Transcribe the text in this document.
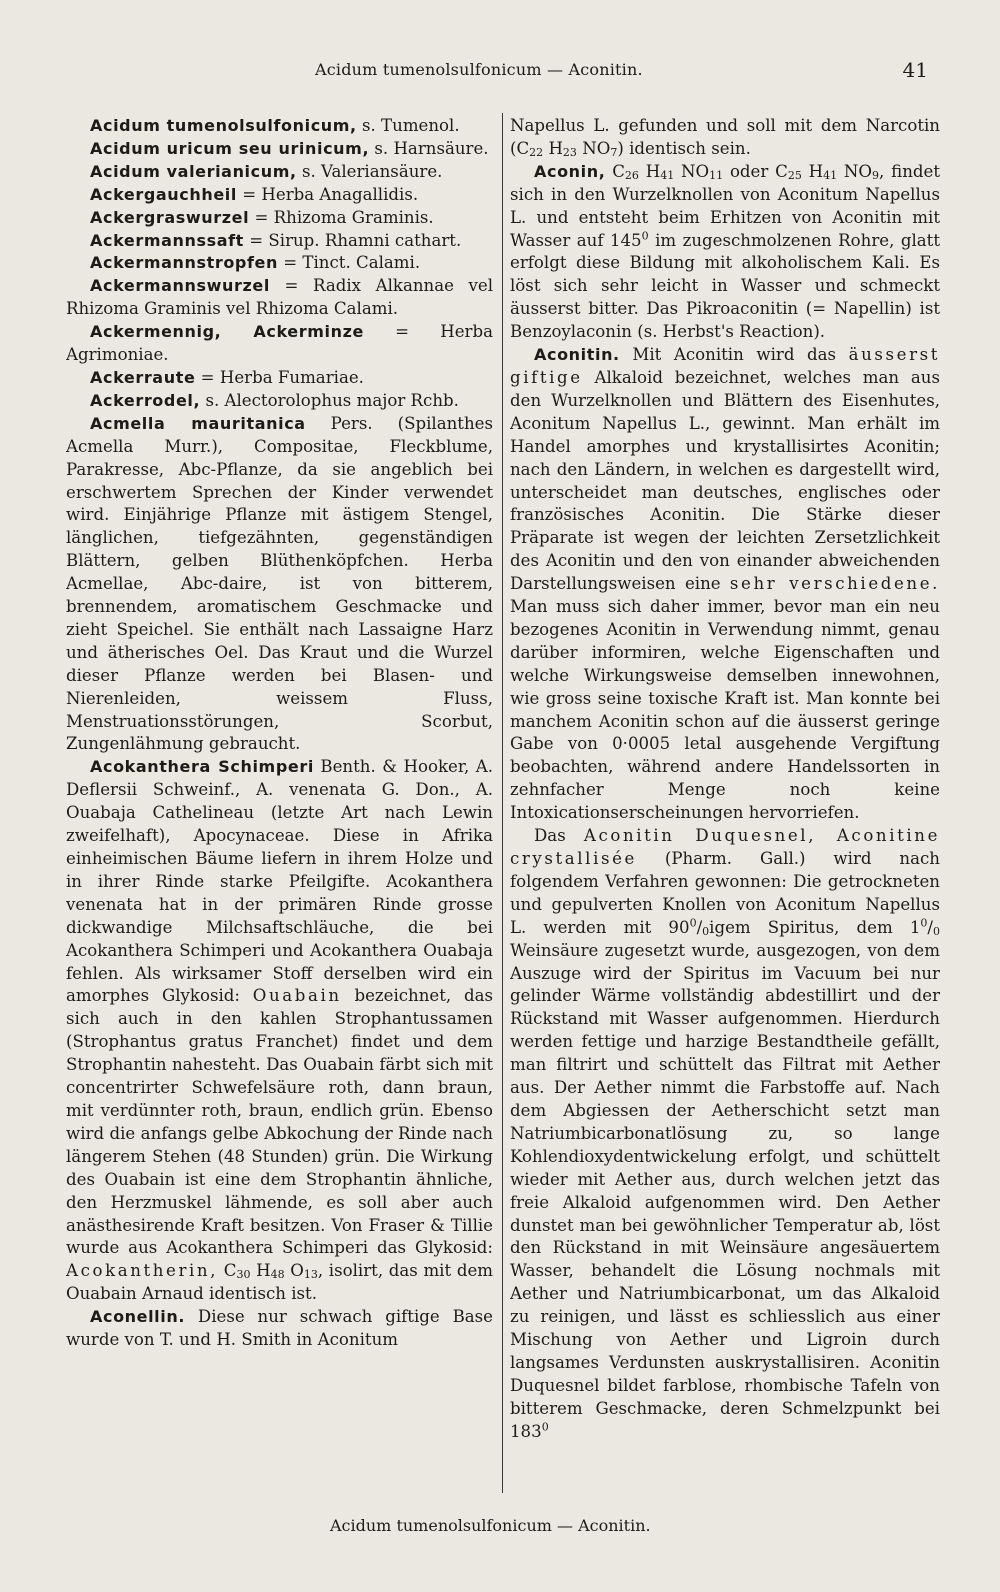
Acidum tumenolsulfonicum — Aconitin.	41

Acidum tumenolsulfonicum, s. Tumenol.

Acidum uricum seu urinicum, s. Harnsäure.

Acidum valerianicum, s. Valeriansäure.

Ackergauchheil = Herba Anagallidis.

Ackergraswurzel = Rhizoma Graminis.

Ackermannssaft = Sirup. Rhamni cathart.

Ackermannstropfen = Tinct. Calami.

Ackermannswurzel = Radix Alkannae vel Rhizoma Graminis vel Rhizoma Calami.

Ackermennig, Ackerminze = Herba Agrimoniae.

Ackerraute = Herba Fumariae.

Ackerrodel, s. Alectorolophus major Rchb.

Acmella mauritanica Pers. (Spilanthes Acmella Murr.), Compositae, Fleckblume, Parakresse, Abc-Pflanze, da sie angeblich bei erschwertem Sprechen der Kinder verwendet wird. Einjährige Pflanze mit ästigem Stengel, länglichen, tiefgezähnten, gegenständigen Blättern, gelben Blüthenköpfchen. Herba Acmellae, Abc-daire, ist von bitterem, brennendem, aromatischem Geschmacke und zieht Speichel. Sie enthält nach Lassaigne Harz und ätherisches Oel. Das Kraut und die Wurzel dieser Pflanze werden bei Blasen- und Nierenleiden, weissem Fluss, Menstruationsstörungen, Scorbut, Zungenlähmung gebraucht.

Acokanthera Schimperi Benth. & Hooker, A. Deflersii Schweinf., A. venenata G. Don., A. Ouabaja Cathelineau (letzte Art nach Lewin zweifelhaft), Apocynaceae. Diese in Afrika einheimischen Bäume liefern in ihrem Holze und in ihrer Rinde starke Pfeilgifte. Acokanthera venenata hat in der primären Rinde grosse dickwandige Milchsaftschläuche, die bei Acokanthera Schimperi und Acokanthera Ouabaja fehlen. Als wirksamer Stoff derselben wird ein amorphes Glykosid: Ouabain bezeichnet, das sich auch in den kahlen Strophantussamen (Strophantus gratus Franchet) findet und dem Strophantin nahesteht. Das Ouabain färbt sich mit concentrirter Schwefelsäure roth, dann braun, mit verdünnter roth, braun, endlich grün. Ebenso wird die anfangs gelbe Abkochung der Rinde nach längerem Stehen (48 Stunden) grün. Die Wirkung des Ouabain ist eine dem Strophantin ähnliche, den Herzmuskel lähmende, es soll aber auch anästhesirende Kraft besitzen. Von Fraser & Tillie wurde aus Acokanthera Schimperi das Glykosid: Acokantherin, $C_{30}$ $H_{48}$ $O_{13}$, isolirt, das mit dem Ouabain Arnaud identisch ist.

Aconellin. Diese nur schwach giftige Base wurde von T. und H. Smith in Aconitum

Napellus L. gefunden und soll mit dem Narcotin ($C_{22}$ $H_{23}$ $NO_7$) identisch sein.

Aconin, $C_{26}$ $H_{41}$ $NO_{11}$ oder $C_{25}$ $H_{41}$ $NO_9$, findet sich in den Wurzelknollen von Aconitum Napellus L. und entsteht beim Erhitzen von Aconitin mit Wasser auf $145^0$ im zugeschmolzenen Rohre, glatt erfolgt diese Bildung mit alkoholischem Kali. Es löst sich sehr leicht in Wasser und schmeckt äusserst bitter. Das Pikroaconitin (= Napellin) ist Benzoylaconin (s. Herbst's Reaction).

Aconitin. Mit Aconitin wird das äusserst giftige Alkaloid bezeichnet, welches man aus den Wurzelknollen und Blättern des Eisenhutes, Aconitum Napellus L., gewinnt. Man erhält im Handel amorphes und krystallisirtes Aconitin; nach den Ländern, in welchen es dargestellt wird, unterscheidet man deutsches, englisches oder französisches Aconitin. Die Stärke dieser Präparate ist wegen der leichten Zersetzlichkeit des Aconitin und den von einander abweichenden Darstellungsweisen eine sehr verschiedene. Man muss sich daher immer, bevor man ein neu bezogenes Aconitin in Verwendung nimmt, genau darüber informiren, welche Eigenschaften und welche Wirkungsweise demselben innewohnen, wie gross seine toxische Kraft ist. Man konnte bei manchem Aconitin schon auf die äusserst geringe Gabe von 0·0005 letal ausgehende Vergiftung beobachten, während andere Handelssorten in zehnfacher Menge noch keine Intoxicationserscheinungen hervorriefen.

Das Aconitin Duquesnel, Aconitine crystallisée (Pharm. Gall.) wird nach folgendem Verfahren gewonnen: Die getrockneten und gepulverten Knollen von Aconitum Napellus L. werden mit $90^0/_0igem$ Spiritus, dem $1^0/_0$ Weinsäure zugesetzt wurde, ausgezogen, von dem Auszuge wird der Spiritus im Vacuum bei nur gelinder Wärme vollständig abdestillirt und der Rückstand mit Wasser aufgenommen. Hierdurch werden fettige und harzige Bestandtheile gefällt, man filtrirt und schüttelt das Filtrat mit Aether aus. Der Aether nimmt die Farbstoffe auf. Nach dem Abgiessen der Aetherschicht setzt man Natriumbicarbonatlösung zu, so lange Kohlendioxydentwickelung erfolgt, und schüttelt wieder mit Aether aus, durch welchen jetzt das freie Alkaloid aufgenommen wird. Den Aether dunstet man bei gewöhnlicher Temperatur ab, löst den Rückstand in mit Weinsäure angesäuertem Wasser, behandelt die Lösung nochmals mit Aether und Natriumbicarbonat, um das Alkaloid zu reinigen, und lässt es schliesslich aus einer Mischung von Aether und Ligroin durch langsames Verdunsten auskrystallisiren. Aconitin Duquesnel bildet farblose, rhombische Tafeln von bitterem Geschmacke, deren Schmelzpunkt bei $183^0$

Acidum tumenolsulfonicum — Aconitin.
